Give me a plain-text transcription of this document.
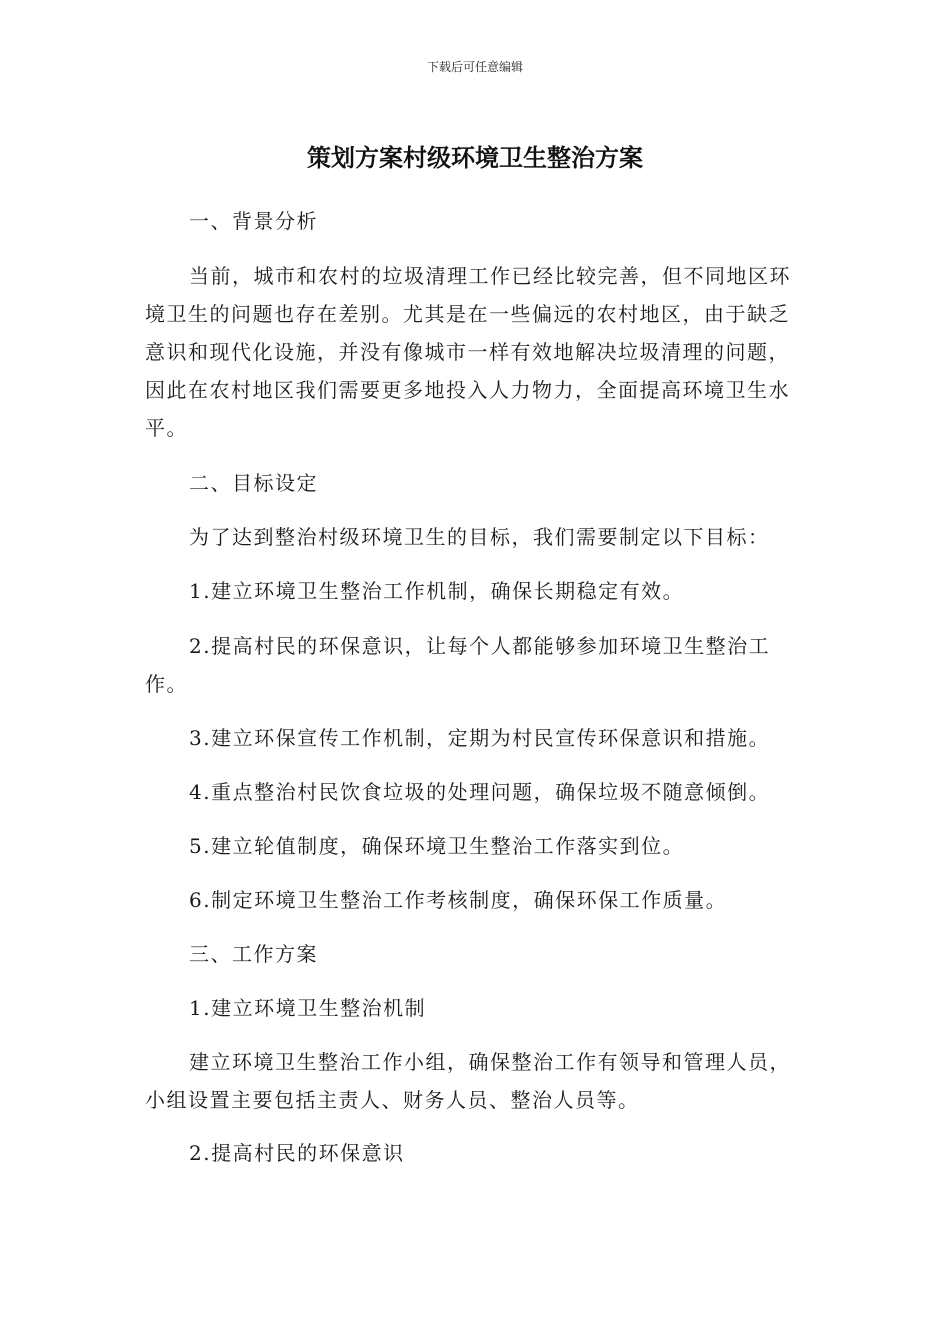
下载后可任意编辑
策划方案村级环境卫生整治方案

一、背景分析

当前，城市和农村的垃圾清理工作已经比较完善，但不同地区环境卫生的问题也存在差别。尤其是在一些偏远的农村地区，由于缺乏意识和现代化设施，并没有像城市一样有效地解决垃圾清理的问题，因此在农村地区我们需要更多地投入人力物力，全面提高环境卫生水平。

二、目标设定

为了达到整治村级环境卫生的目标，我们需要制定以下目标：

1.建立环境卫生整治工作机制，确保长期稳定有效。

2.提高村民的环保意识，让每个人都能够参加环境卫生整治工作。

3.建立环保宣传工作机制，定期为村民宣传环保意识和措施。

4.重点整治村民饮食垃圾的处理问题，确保垃圾不随意倾倒。

5.建立轮值制度，确保环境卫生整治工作落实到位。

6.制定环境卫生整治工作考核制度，确保环保工作质量。

三、工作方案

1.建立环境卫生整治机制

建立环境卫生整治工作小组，确保整治工作有领导和管理人员，小组设置主要包括主责人、财务人员、整治人员等。

2.提高村民的环保意识
